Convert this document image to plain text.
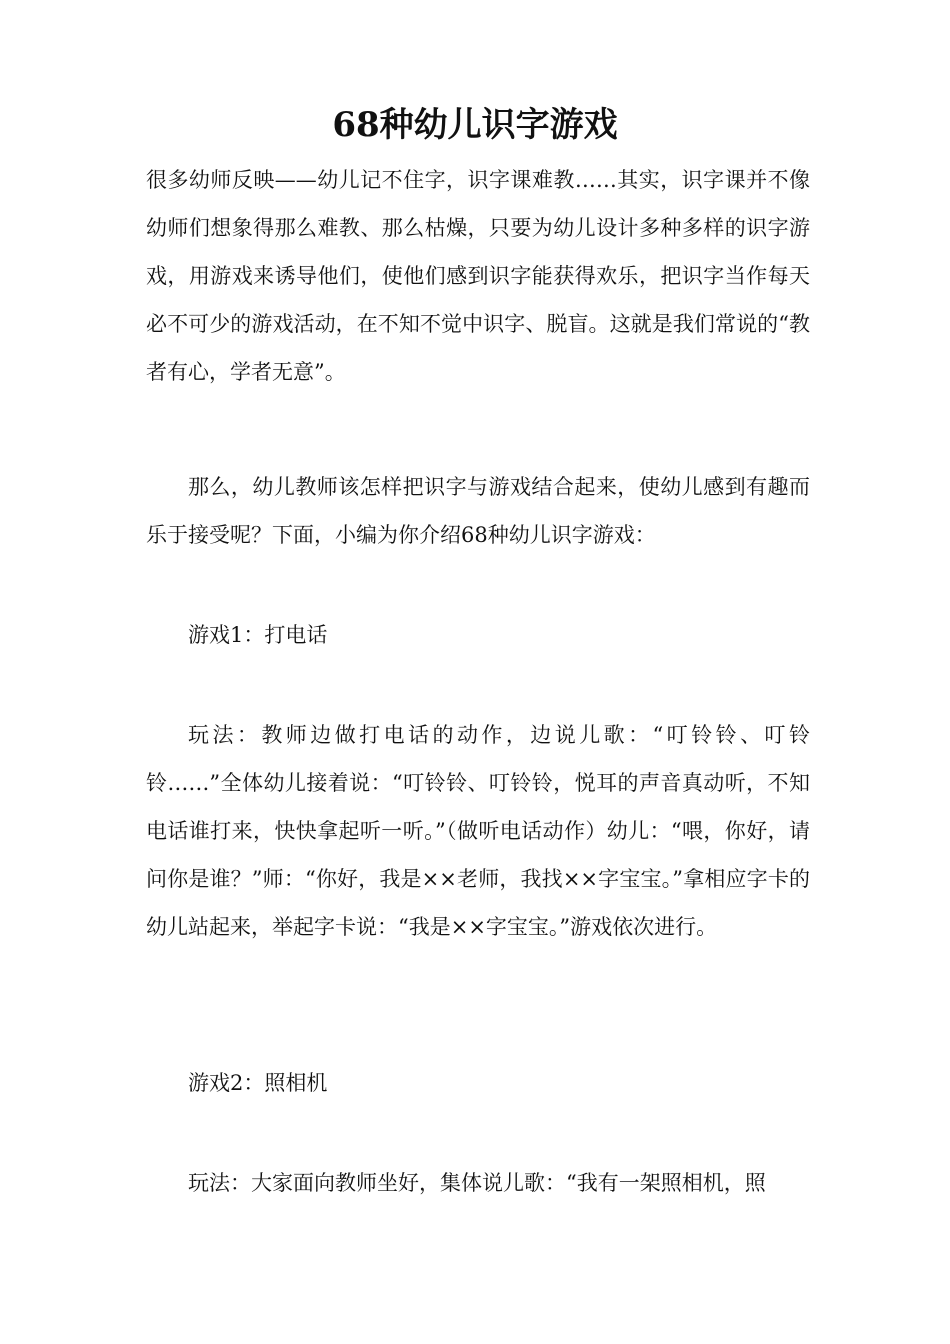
68种幼儿识字游戏

很多幼师反映——幼儿记不住字，识字课难教……其实，识字课并不像幼师们想象得那么难教、那么枯燥，只要为幼儿设计多种多样的识字游戏，用游戏来诱导他们，使他们感到识字能获得欢乐，把识字当作每天必不可少的游戏活动，在不知不觉中识字、脱盲。这就是我们常说的“教者有心，学者无意”。

那么，幼儿教师该怎样把识字与游戏结合起来，使幼儿感到有趣而乐于接受呢？下面，小编为你介绍68种幼儿识字游戏：

游戏1：打电话

玩法：教师边做打电话的动作，边说儿歌：“叮铃铃、叮铃铃……”全体幼儿接着说：“叮铃铃、叮铃铃，悦耳的声音真动听，不知电话谁打来，快快拿起听一听。”（做听电话动作）幼儿：“喂，你好，请问你是谁？”师：“你好，我是××老师，我找××字宝宝。”拿相应字卡的幼儿站起来，举起字卡说：“我是××字宝宝。”游戏依次进行。

游戏2：照相机

玩法：大家面向教师坐好，集体说儿歌：“我有一架照相机，照
